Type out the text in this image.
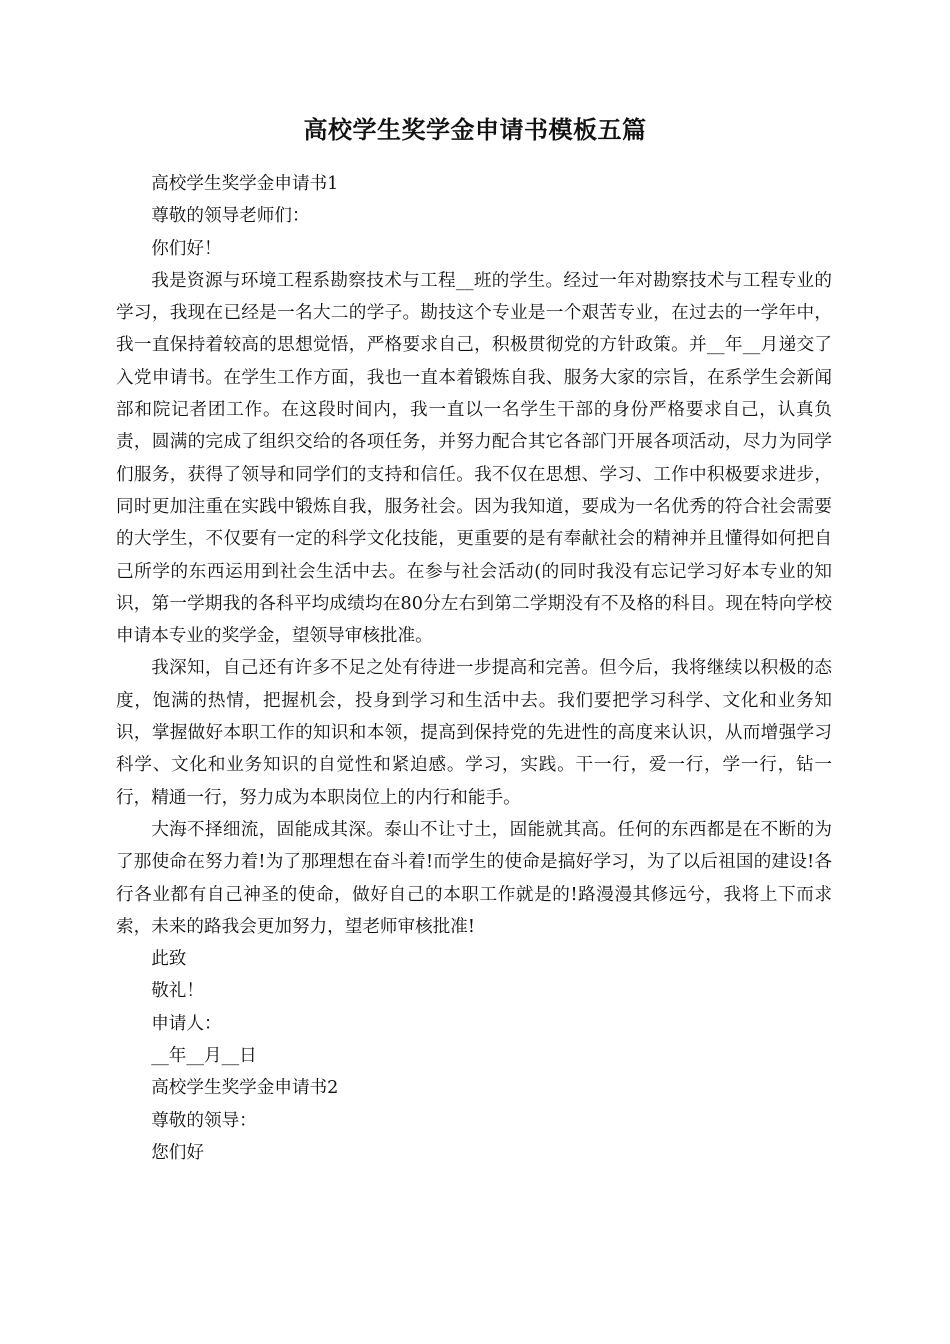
高校学生奖学金申请书模板五篇

高校学生奖学金申请书1

尊敬的领导老师们：

你们好！

我是资源与环境工程系勘察技术与工程__班的学生。经过一年对勘察技术与工程专业的学习，我现在已经是一名大二的学子。勘技这个专业是一个艰苦专业，在过去的一学年中，我一直保持着较高的思想觉悟，严格要求自己，积极贯彻党的方针政策。并__年__月递交了入党申请书。在学生工作方面，我也一直本着锻炼自我、服务大家的宗旨，在系学生会新闻部和院记者团工作。在这段时间内，我一直以一名学生干部的身份严格要求自己，认真负责，圆满的完成了组织交给的各项任务，并努力配合其它各部门开展各项活动，尽力为同学们服务，获得了领导和同学们的支持和信任。我不仅在思想、学习、工作中积极要求进步，同时更加注重在实践中锻炼自我，服务社会。因为我知道，要成为一名优秀的符合社会需要的大学生，不仅要有一定的科学文化技能，更重要的是有奉献社会的精神并且懂得如何把自己所学的东西运用到社会生活中去。在参与社会活动(的同时我没有忘记学习好本专业的知识，第一学期我的各科平均成绩均在80分左右到第二学期没有不及格的科目。现在特向学校申请本专业的奖学金，望领导审核批准。

我深知，自己还有许多不足之处有待进一步提高和完善。但今后，我将继续以积极的态度，饱满的热情，把握机会，投身到学习和生活中去。我们要把学习科学、文化和业务知识，掌握做好本职工作的知识和本领，提高到保持党的先进性的高度来认识，从而增强学习科学、文化和业务知识的自觉性和紧迫感。学习，实践。干一行，爱一行，学一行，钻一行，精通一行，努力成为本职岗位上的内行和能手。

大海不择细流，固能成其深。泰山不让寸土，固能就其高。任何的东西都是在不断的为了那使命在努力着!为了那理想在奋斗着!而学生的使命是搞好学习，为了以后祖国的建设!各行各业都有自己神圣的使命，做好自己的本职工作就是的!路漫漫其修远兮，我将上下而求索，未来的路我会更加努力，望老师审核批准!

此致

敬礼！

申请人：

__年__月__日

高校学生奖学金申请书2

尊敬的领导：

您们好
